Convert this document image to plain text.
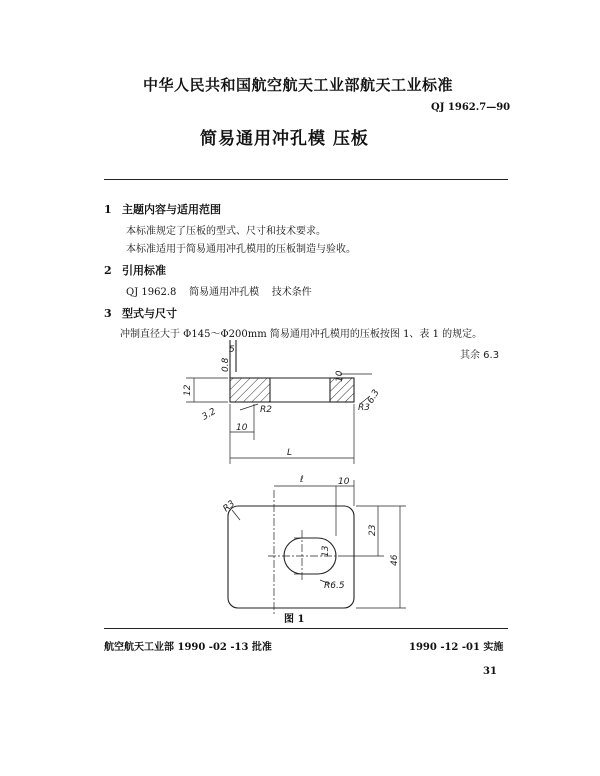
中华人民共和国航空航天工业部航天工业标准
QJ 1962.7—90
简易通用冲孔模 压板
1 主题内容与适用范围
本标准规定了压板的型式、尺寸和技术要求。
本标准适用于简易通用冲孔模用的压板制造与验收。
2 引用标准
QJ 1962.8    简易通用冲孔模    技术条件
3 型式与尺寸
冲制直径大于 Φ145～Φ200mm 简易通用冲孔模用的压板按图 1、表 1 的规定。
5
0.8
12
10
L
R2	R3
3.2
6.3
10
其余 6.3
ℓ	10
R3
13
23
46
R6.5
图 1
航空航天工业部 1990 -02 -13 批准	1990 -12 -01 实施
31
